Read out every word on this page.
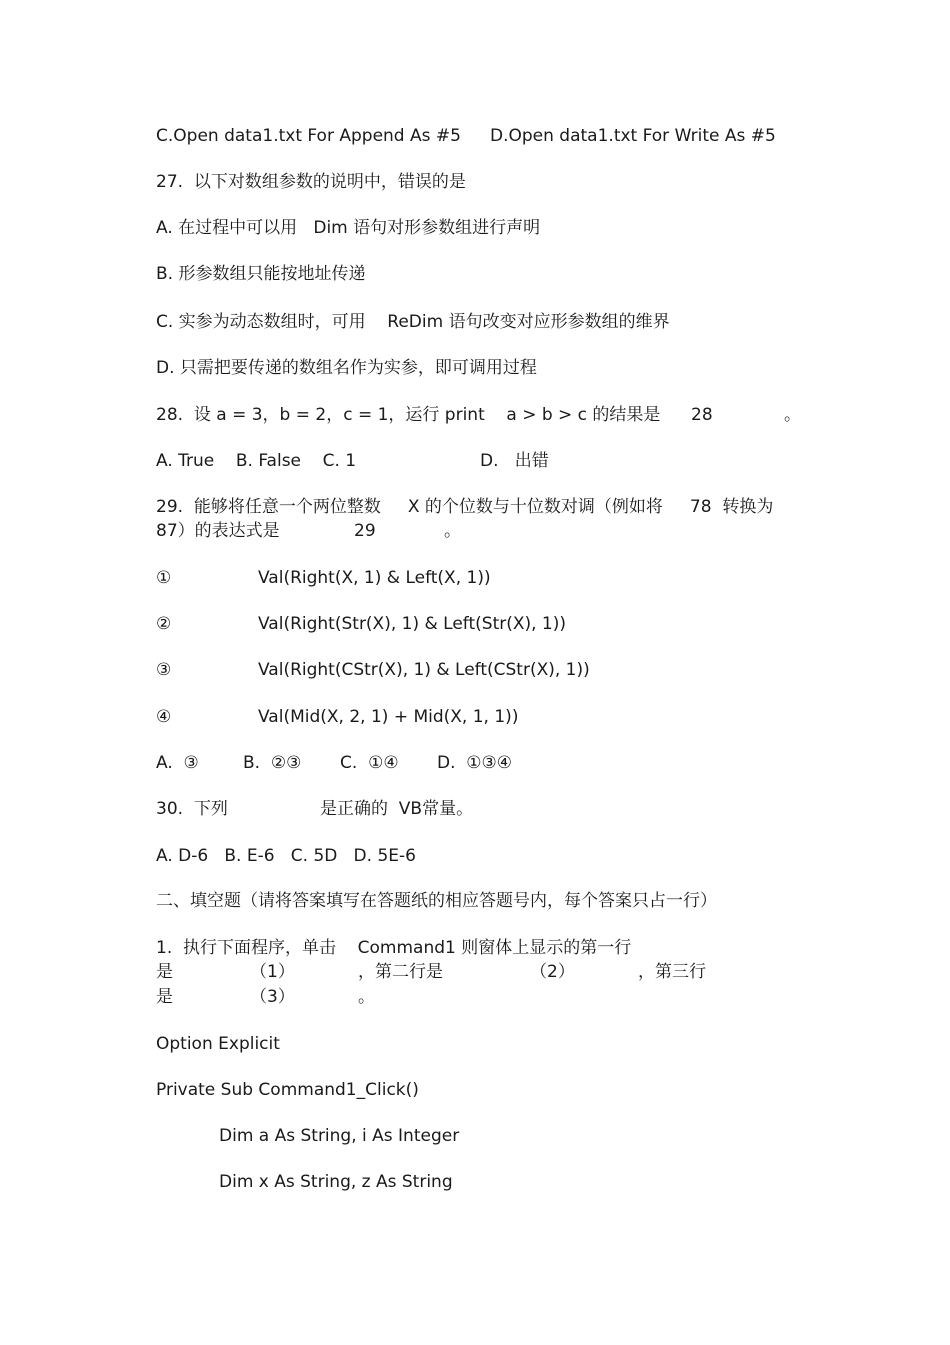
C.Open data1.txt For Append As #5 D.Open data1.txt For Write As #5
27.  以下对数组参数的说明中，错误的是
A. 在过程中可以用   Dim 语句对形参数组进行声明
B. 形参数组只能按地址传递
C. 实参为动态数组时，可用    ReDim 语句改变对应形参数组的维界
D. 只需把要传递的数组名作为实参，即可调用过程
28.  设 a = 3，b = 2，c = 1，运行 print    a > b > c 的结果是 28	。
A. True    B. False    C. 1	D.   出错
29.  能够将任意一个两位整数     X 的个位数与十位数对调（例如将     78  转换为
87）的表达式是	29	。
①	Val(Right(X, 1) & Left(X, 1))
②	Val(Right(Str(X), 1) & Left(Str(X), 1))
③	Val(Right(CStr(X), 1) & Left(CStr(X), 1))
④	Val(Mid(X, 2, 1) + Mid(X, 1, 1))
A.  ③	B.  ②③ C.  ①④ D.  ①③④
30.  下列	是正确的  VB常量。
A. D-6   B. E-6   C. 5D   D. 5E-6
二、填空题（请将答案填写在答题纸的相应答题号内，每个答案只占一行）
1.  执行下面程序，单击    Command1 则窗体上显示的第一行
是	（1）	，第二行是	（2）	，第三行
是	（3）	。
Option Explicit
Private Sub Command1_Click()
Dim a As String, i As Integer
Dim x As String, z As String
